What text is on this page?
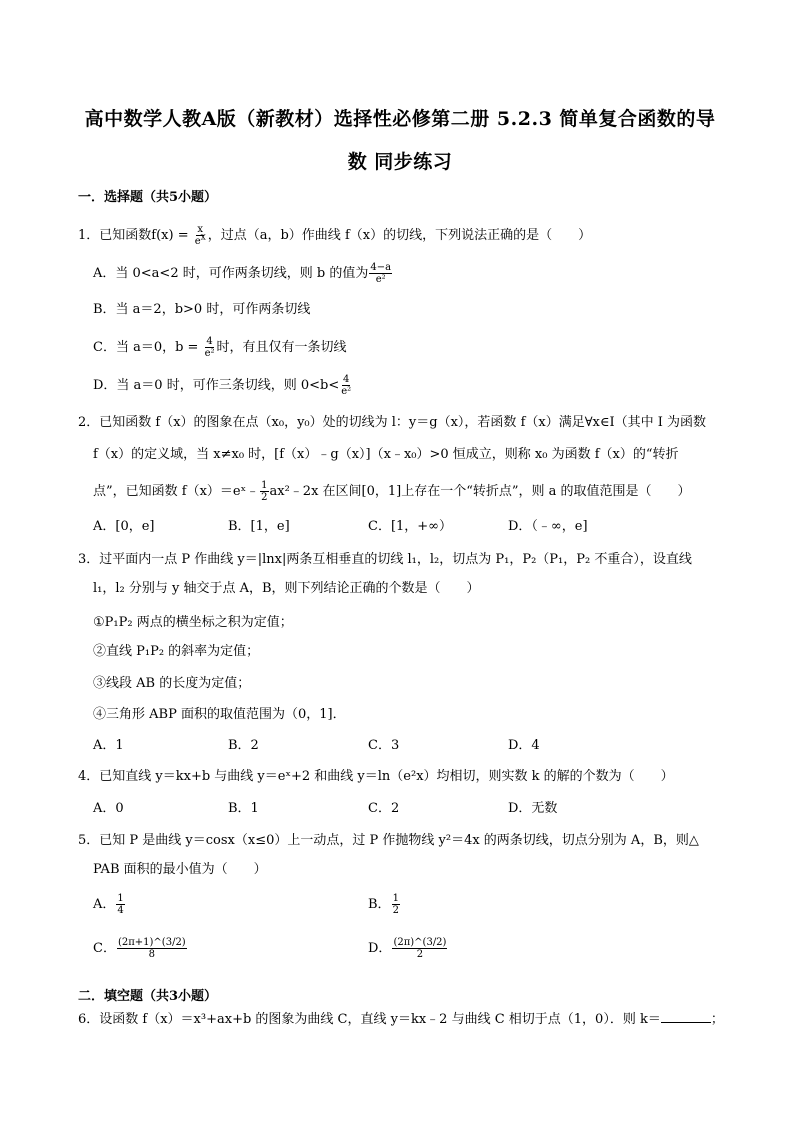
高中数学人教A版（新教材）选择性必修第二册 5.2.3 简单复合函数的导
数 同步练习
一．选择题（共5小题）
1．已知函数$f(x) = \frac{x}{e^x}$ ，过点（a，b）作曲线 f（x）的切线，下列说法正确的是（　　）
A．当 0<a<2 时，可作两条切线，则 b 的值为 $\frac{4-a}{\text{e²}}$
B．当 a＝2，b>0 时，可作两条切线
C．当 a＝0，$b = \frac{4}{\text{e²}}$ 时，有且仅有一条切线
D．当 a＝0 时，可作三条切线，则 $0<b< \frac{4}{\text{e²}}$
2．已知函数 f（x）的图象在点（x₀，y₀）处的切线为 l：y＝g（x），若函数 f（x）满足∀x∈I（其中 I 为函数
f（x）的定义域，当 x≠x₀ 时，[f（x）﹣g（x）]（x﹣x₀）>0 恒成立，则称 x₀ 为函数 f（x）的“转折
点”，已知函数 f（x）＝eˣ﹣ $\frac{1}{2}$ ax²﹣2x 在区间[0，1]上存在一个“转折点”，则 a 的取值范围是（　　）
A．[0，e]	B．[1，e]	C．[1，+∞）	D．（﹣∞，e]
3．过平面内一点 P 作曲线 y＝|lnx|两条互相垂直的切线 l₁，l₂，切点为 P₁，P₂（P₁，P₂ 不重合），设直线
l₁，l₂ 分别与 y 轴交于点 A，B，则下列结论正确的个数是（　　）
①P₁P₂ 两点的横坐标之积为定值；
②直线 P₁P₂ 的斜率为定值；
③线段 AB 的长度为定值；
④三角形 ABP 面积的取值范围为（0，1]．
A．1	B．2	C．3	D．4
4．已知直线 y＝kx+b 与曲线 y＝eˣ+2 和曲线 y＝ln（e²x）均相切，则实数 k 的解的个数为（　　）
A．0	B．1	C．2	D．无数
5．已知 P 是曲线 y＝cosx（x≤0）上一动点，过 P 作抛物线 y²＝4x 的两条切线，切点分别为 A，B，则△
PAB 面积的最小值为（　　）
A． $\frac{1}{4}$	B． $\frac{1}{2}$
C． $\frac{(2\pi+1)\^{}(3/2)}{8}$	D． $\frac{(2\pi)\^{}(3/2)}{2}$
二．填空题（共3小题）
6．设函数 f（x）＝x³+ax+b 的图象为曲线 C，直线 y＝kx﹣2 与曲线 C 相切于点（1，0）．则 k＝	；
